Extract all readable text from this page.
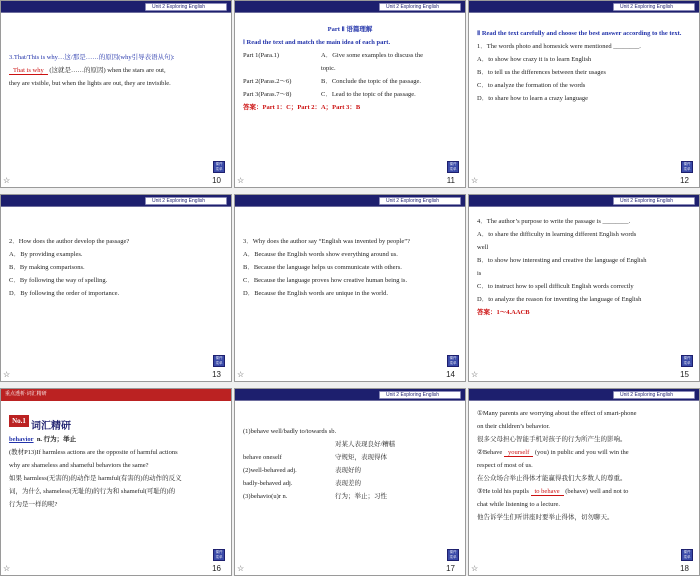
Unit 2 Exploring English
3.That/This is why…这/那是……的原因(why引导表语从句):
That is why (这就是……的原因) when the stars are out,
they are visible, but when the lights are out, they are invisible.
课件 菜单
☆	10
Unit 2 Exploring English
Part Ⅱ 语篇理解
Ⅰ Read the text and match the main idea of each part.
Part 1(Para.1)	A．Give some examples to discuss the
topic.
Part 2(Paras.2～6)	B．Conclude the topic of the passage.
Part 3(Paras.7～8)	C．Lead to the topic of the passage.
答案：Part 1：C；Part 2：A；Part 3：B
课件 菜单
☆	11
Unit 2 Exploring English
Ⅱ Read the text carefully and choose the best answer according to the text.
1．The words photo and homesick were mentioned ________.
A．to show how crazy it is to learn English
B．to tell us the differences between their usages
C．to analyze the formation of the words
D．to share how to learn a crazy language
课件 菜单
☆	12
Unit 2 Exploring English
2．How does the author develop the passage?
A．By providing examples.
B．By making comparisons.
C．By following the way of spelling.
D．By following the order of importance.
课件 菜单
☆	13
Unit 2 Exploring English
3．Why does the author say “English was invented by people”?
A．Because the English words show everything around us.
B．Because the language helps us communicate with others.
C．Because the language proves how creative human being is.
D．Because the English words are unique in the world.
课件 菜单
☆	14
Unit 2 Exploring English
4．The author’s purpose to write the passage is ________.
A．to share the difficulty in learning different English words
well
B．to show how interesting and creative the language of English
is
C．to instruct how to spell difficult English words correctly
D．to analyze the reason for inventing the language of English
答案：1～4.AACB
课件 菜单
☆	15
重点透析·词汇精研
No.1 词汇精研
behavior n. 行为；举止
(教材P13)If harmless actions are the opposite of harmful actions
why are shameless and shameful behaviors the same?
如果 harmless(无害的)的动作是 harmful(有害的)的动作的反义
词，为什么 shameless(无耻的)的行为和 shameful(可耻的)的
行为是一样的呢?
课件 菜单
☆	16
Unit 2 Exploring English
(1)behave well/badly to/towards sb.
对某人表现良好/糟糕
behave oneself	守规矩，表现得体
(2)well-behaved adj.	表现好的
badly-behaved adj.	表现差的
(3)behavio(u)r n.	行为；举止；习性
课件 菜单
☆	17
Unit 2 Exploring English
①Many parents are worrying about the effect of smart-phone
on their children’s behavior.
很多父母担心智能手机对孩子的行为所产生的影响。
②Behave yourself (you) in public and you will win the
respect of most of us.
在公众场合举止得体才能赢得我们大多数人的尊重。
③He told his pupils to behave (behave) well and not to
chat while listening to a lecture.
他告诉学生们听讲座时要举止得体，切勿聊天。
课件 菜单
☆	18
